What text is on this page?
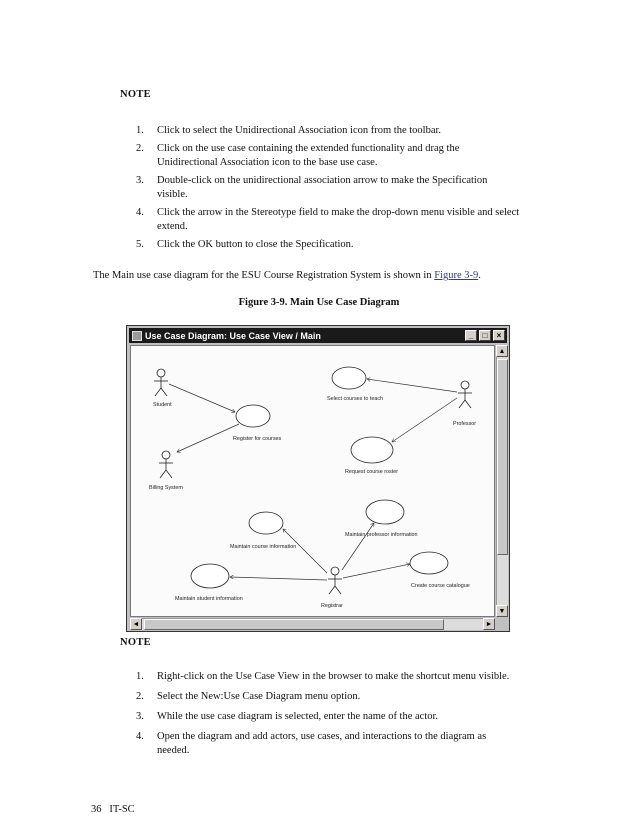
NOTE
1. Click to select the Unidirectional Association icon from the toolbar.
2. Click on the use case containing the extended functionality and drag the Unidirectional Association icon to the base use case.
3. Double-click on the unidirectional association arrow to make the Specification visible.
4. Click the arrow in the Stereotype field to make the drop-down menu visible and select extend.
5. Click the OK button to close the Specification.
The Main use case diagram for the ESU Course Registration System is shown in Figure 3-9.
Figure 3-9. Main Use Case Diagram
Use Case Diagram: Use Case View / Main	_	□	×
Student
Professor
Billing System
Registrar
Select courses to teach
Register for courses
Request course roster
Maintain course information
Maintain professor information
Maintain student information
Create course catalogue
▲
▼
◄	►
NOTE
1. Right-click on the Use Case View in the browser to make the shortcut menu visible.
2. Select the New:Use Case Diagram menu option.
3. While the use case diagram is selected, enter the name of the actor.
4. Open the diagram and add actors, use cases, and interactions to the diagram as needed.
36   IT-SC
